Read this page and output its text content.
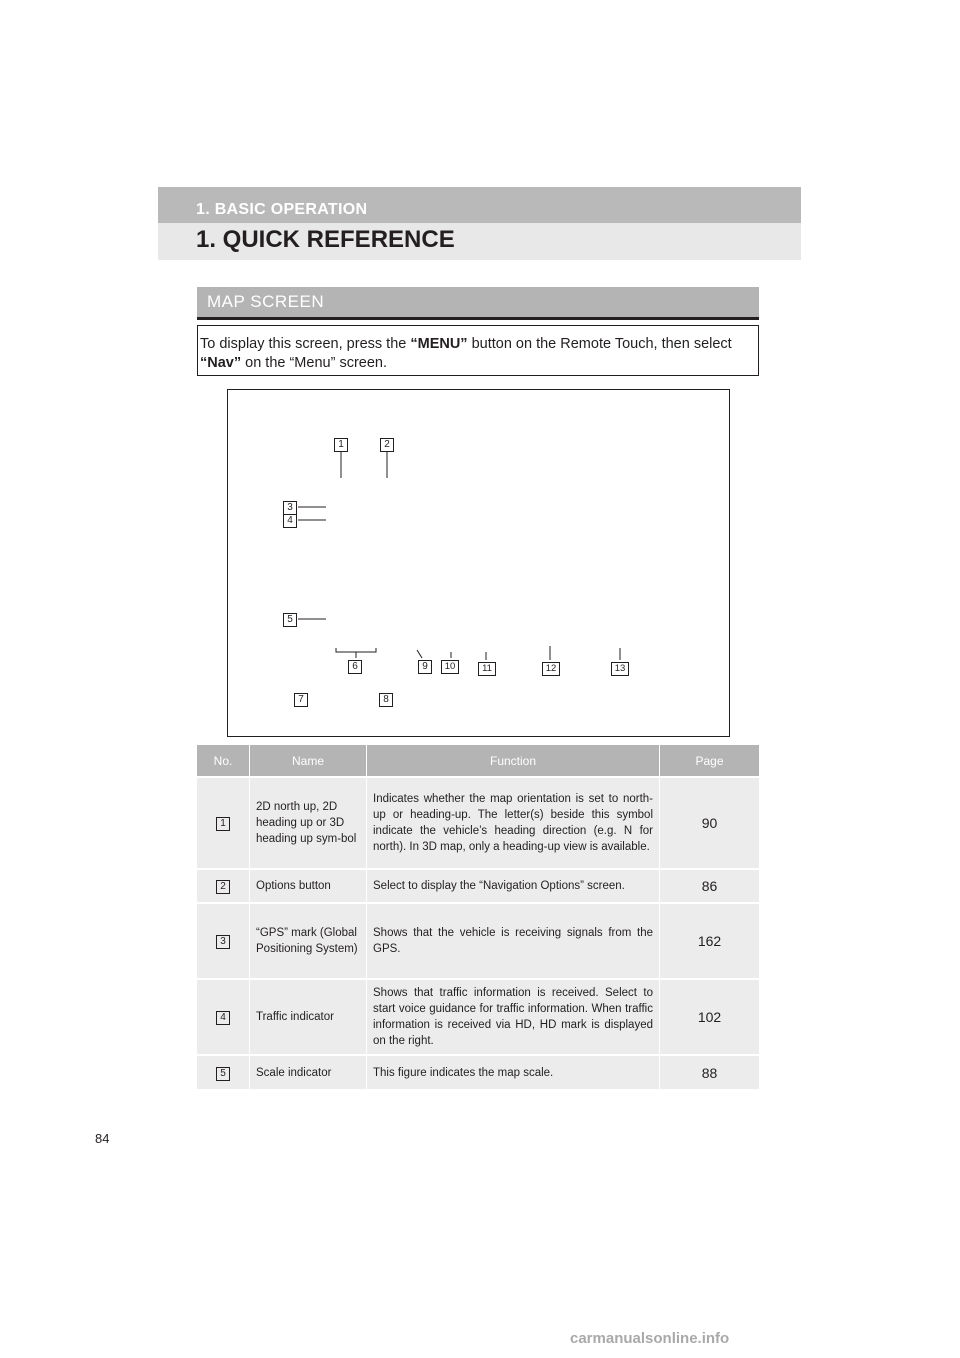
1. BASIC OPERATION
1. QUICK REFERENCE
MAP SCREEN
To display this screen, press the “MENU” button on the Remote Touch, then select
“Nav” on the “Menu” screen.
1	2
3
4
5
6
7	8
9	10	11	12	13
No.	Name	Function	Page
1	2D north up, 2D heading up or 3D heading up sym-bol	Indicates whether the map orientation is set to north-up or heading-up. The letter(s) beside this symbol indicate the vehicle’s heading direction (e.g. N for north). In 3D map, only a heading-up view is available.	90
2	Options button	Select to display the “Navigation Options” screen.	86
3	“GPS” mark (Global Positioning System)	Shows that the vehicle is receiving signals from the GPS.	162
4	Traffic indicator	Shows that traffic information is received. Select to start voice guidance for traffic information. When traffic information is received via HD, HD mark is displayed on the right.	102
5	Scale indicator	This figure indicates the map scale.	88
84
carmanualsonline.info
